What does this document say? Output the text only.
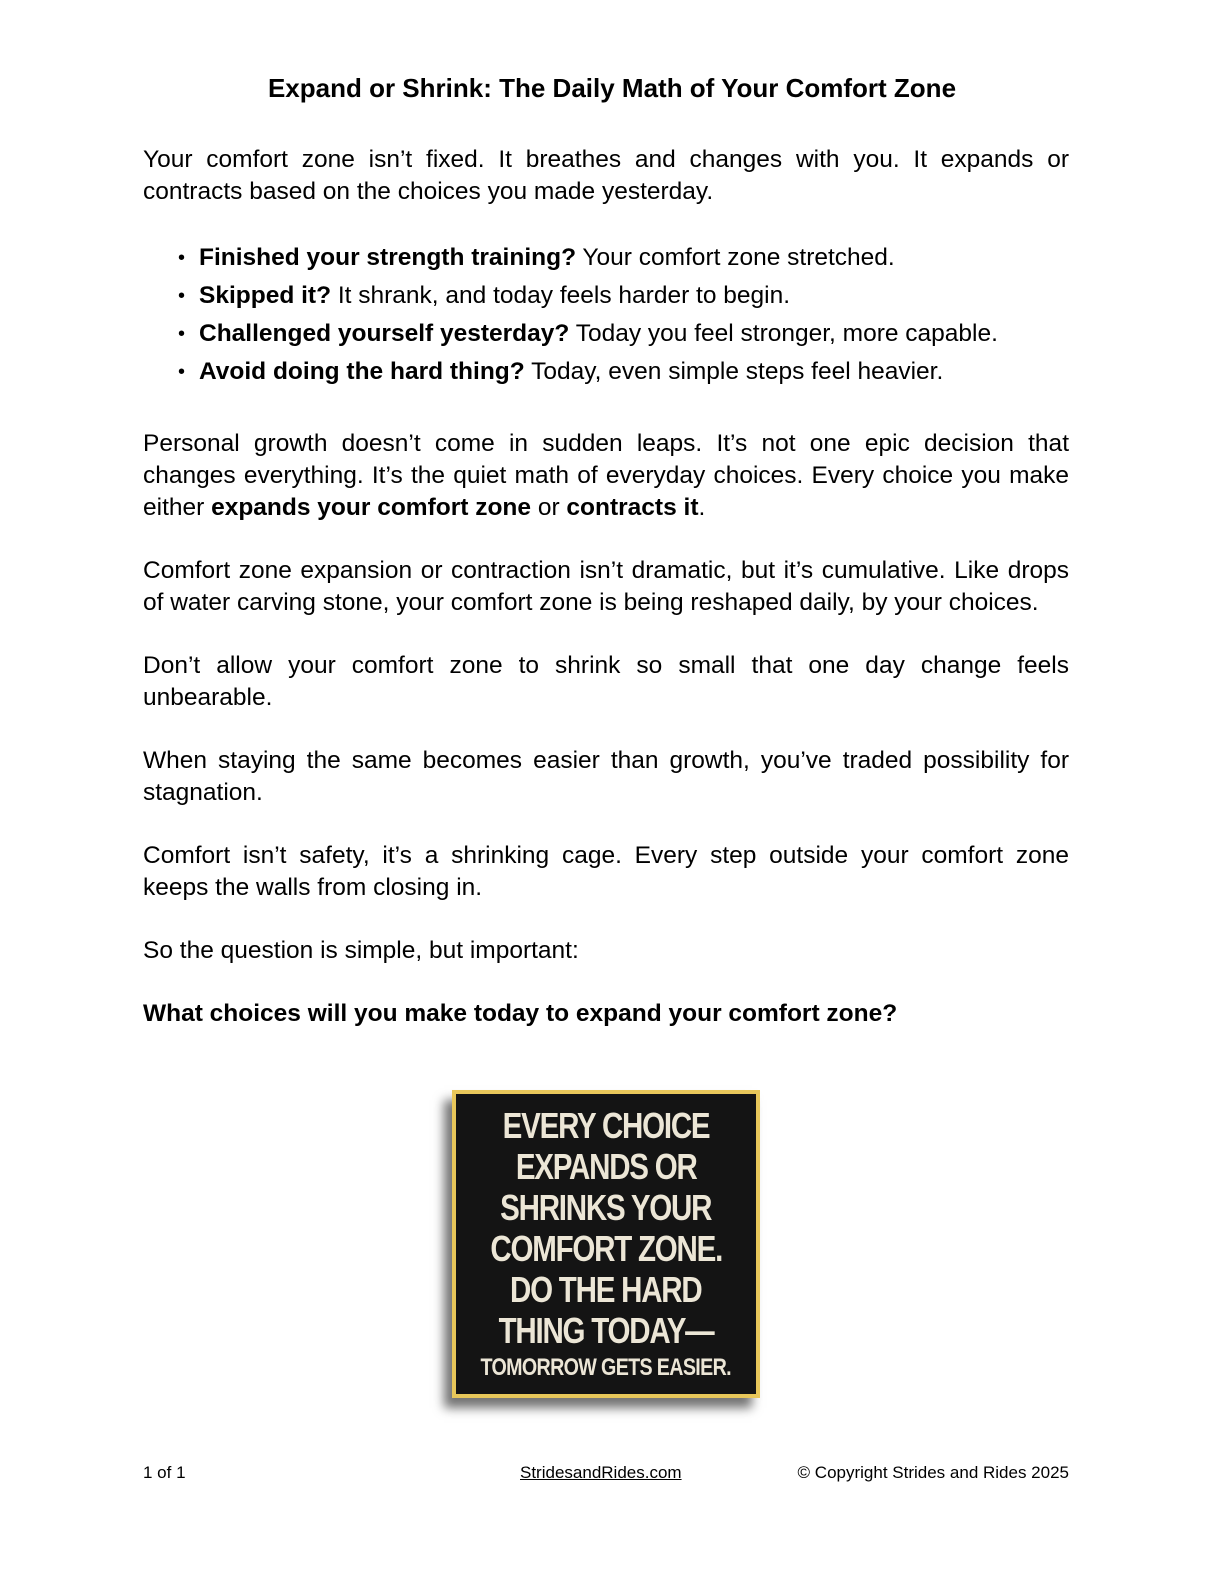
Expand or Shrink: The Daily Math of Your Comfort Zone

Your comfort zone isn’t fixed. It breathes and changes with you. It expands or contracts based on the choices you made yesterday.

• Finished your strength training? Your comfort zone stretched.
• Skipped it? It shrank, and today feels harder to begin.
• Challenged yourself yesterday? Today you feel stronger, more capable.
• Avoid doing the hard thing? Today, even simple steps feel heavier.

Personal growth doesn’t come in sudden leaps. It’s not one epic decision that changes everything. It’s the quiet math of everyday choices. Every choice you make either expands your comfort zone or contracts it.

Comfort zone expansion or contraction isn’t dramatic, but it’s cumulative. Like drops of water carving stone, your comfort zone is being reshaped daily, by your choices.

Don’t allow your comfort zone to shrink so small that one day change feels unbearable.

When staying the same becomes easier than growth, you’ve traded possibility for stagnation.

Comfort isn’t safety, it’s a shrinking cage. Every step outside your comfort zone keeps the walls from closing in.

So the question is simple, but important:

What choices will you make today to expand your comfort zone?

EVERY CHOICE
EXPANDS OR
SHRINKS YOUR
COMFORT ZONE.
DO THE HARD
THING TODAY—
TOMORROW GETS EASIER.
1 of 1	StridesandRides.com	© Copyright Strides and Rides 2025
